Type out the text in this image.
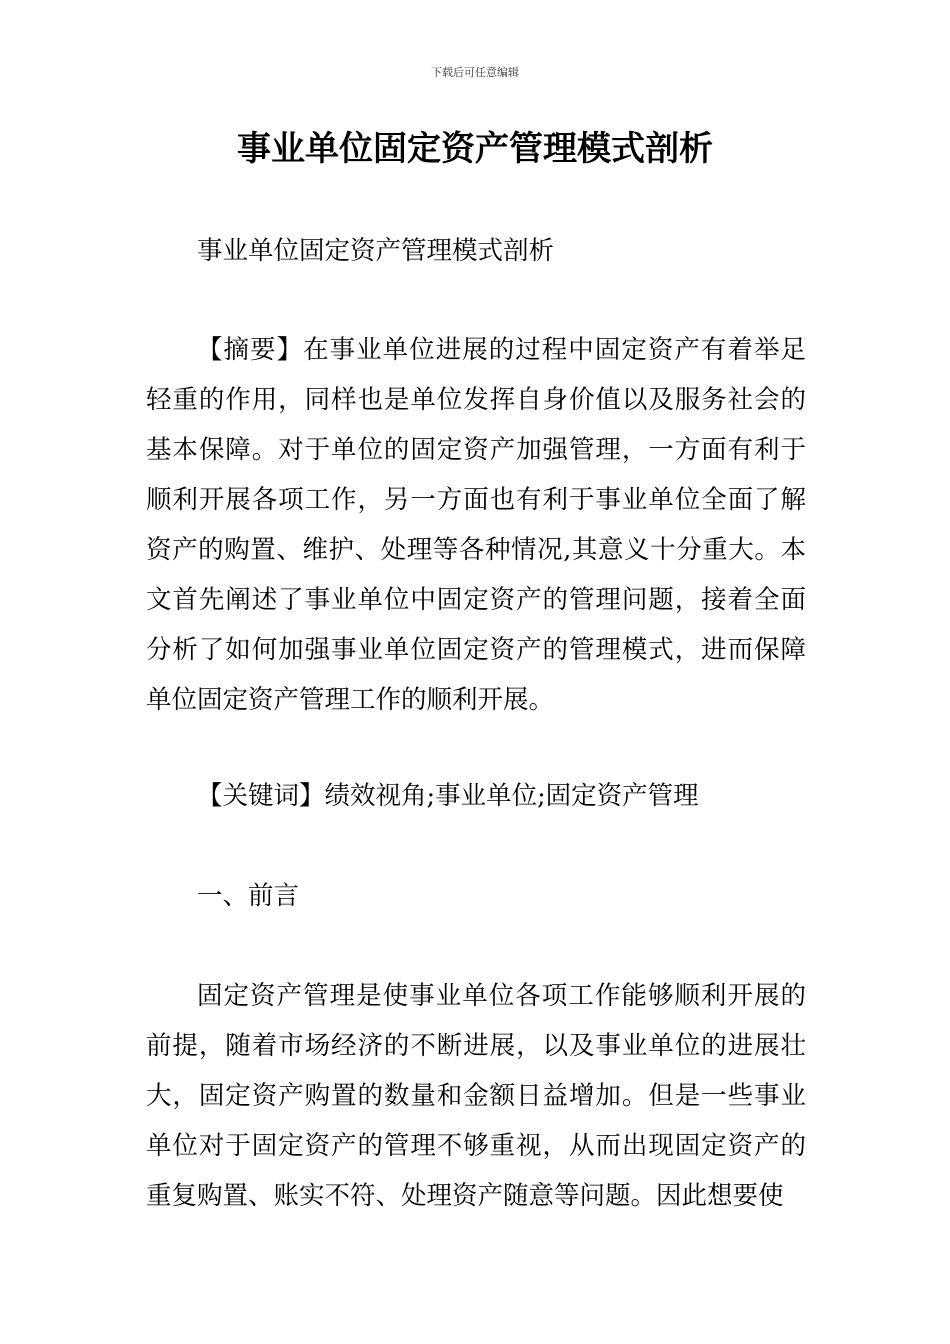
下载后可任意编辑
事业单位固定资产管理模式剖析

事业单位固定资产管理模式剖析

【摘要】在事业单位进展的过程中固定资产有着举足轻重的作用，同样也是单位发挥自身价值以及服务社会的基本保障。对于单位的固定资产加强管理，一方面有利于顺利开展各项工作，另一方面也有利于事业单位全面了解资产的购置、维护、处理等各种情况,其意义十分重大。本文首先阐述了事业单位中固定资产的管理问题，接着全面分析了如何加强事业单位固定资产的管理模式，进而保障单位固定资产管理工作的顺利开展。

【关键词】绩效视角;事业单位;固定资产管理

一、前言

固定资产管理是使事业单位各项工作能够顺利开展的前提，随着市场经济的不断进展，以及事业单位的进展壮大，固定资产购置的数量和金额日益增加。但是一些事业单位对于固定资产的管理不够重视，从而出现固定资产的重复购置、账实不符、处理资产随意等问题。因此想要使
